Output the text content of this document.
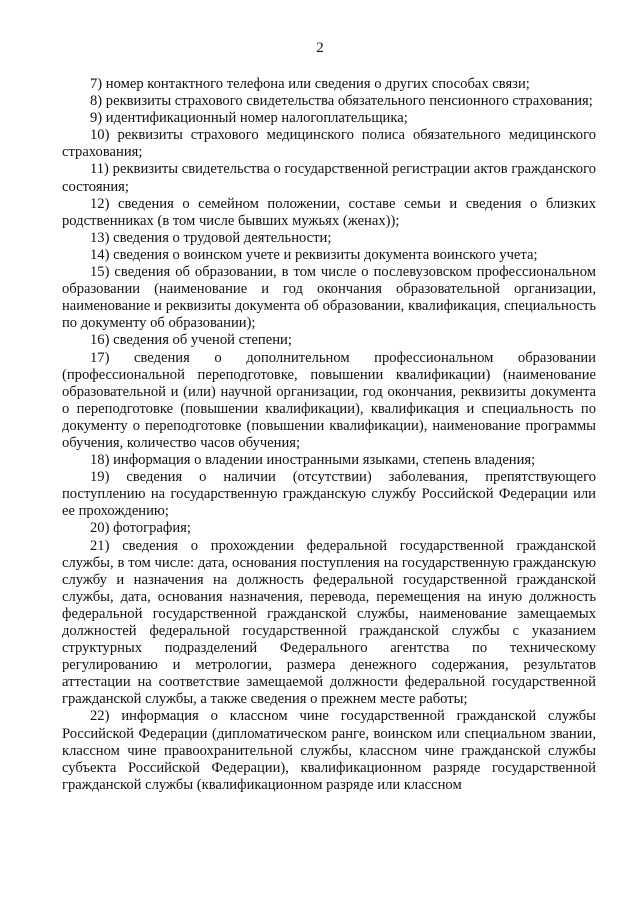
2

7) номер контактного телефона или сведения о других способах связи;

8) реквизиты страхового свидетельства обязательного пенсионного страхования;

9) идентификационный номер налогоплательщика;

10) реквизиты страхового медицинского полиса обязательного медицинского страхования;

11) реквизиты свидетельства о государственной регистрации актов гражданского состояния;

12) сведения о семейном положении, составе семьи и сведения о близких родственниках (в том числе бывших мужьях (женах));

13) сведения о трудовой деятельности;

14) сведения о воинском учете и реквизиты документа воинского учета;

15) сведения об образовании, в том числе о послевузовском профессиональном образовании (наименование и год окончания образовательной организации, наименование и реквизиты документа об образовании, квалификация, специальность по документу об образовании);

16) сведения об ученой степени;

17) сведения о дополнительном профессиональном образовании (профессиональной переподготовке, повышении квалификации) (наименование образовательной и (или) научной организации, год окончания, реквизиты документа о переподготовке (повышении квалификации), квалификация и специальность по документу о переподготовке (повышении квалификации), наименование программы обучения, количество часов обучения;

18) информация о владении иностранными языками, степень владения;

19) сведения о наличии (отсутствии) заболевания, препятствующего поступлению на государственную гражданскую службу Российской Федерации или ее прохождению;

20) фотография;

21) сведения о прохождении федеральной государственной гражданской службы, в том числе: дата, основания поступления на государственную гражданскую службу и назначения на должность федеральной государственной гражданской службы, дата, основания назначения, перевода, перемещения на иную должность федеральной государственной гражданской службы, наименование замещаемых должностей федеральной государственной гражданской службы с указанием структурных подразделений Федерального агентства по техническому регулированию и метрологии, размера денежного содержания, результатов аттестации на соответствие замещаемой должности федеральной государственной гражданской службы, а также сведения о прежнем месте работы;

22) информация о классном чине государственной гражданской службы Российской Федерации (дипломатическом ранге, воинском или специальном звании, классном чине правоохранительной службы, классном чине гражданской службы субъекта Российской Федерации), квалификационном разряде государственной гражданской службы (квалификационном разряде или классном
